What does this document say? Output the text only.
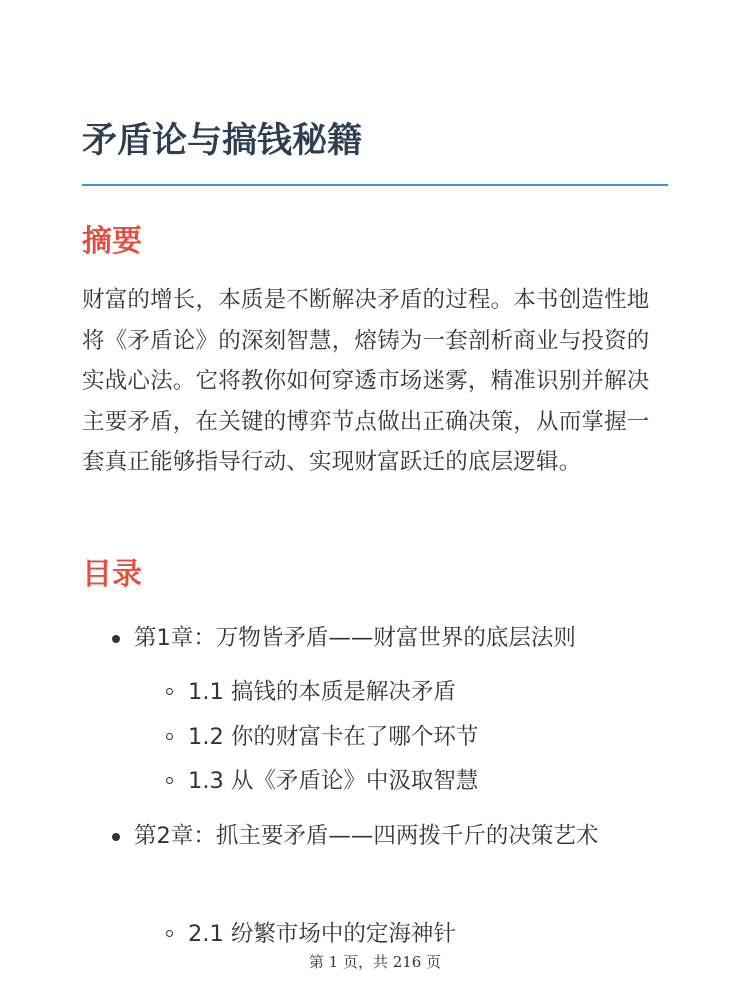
矛盾论与搞钱秘籍
摘要

财富的增长，本质是不断解决矛盾的过程。本书创造性地将《矛盾论》的深刻智慧，熔铸为一套剖析商业与投资的实战心法。它将教你如何穿透市场迷雾，精准识别并解决主要矛盾，在关键的博弈节点做出正确决策，从而掌握一套真正能够指导行动、实现财富跃迁的底层逻辑。

目录
第1章：万物皆矛盾——财富世界的底层法则
1.1 搞钱的本质是解决矛盾
1.2 你的财富卡在了哪个环节
1.3 从《矛盾论》中汲取智慧
第2章：抓主要矛盾——四两拨千斤的决策艺术
2.1 纷繁市场中的定海神针
第 1 页，共 216 页
